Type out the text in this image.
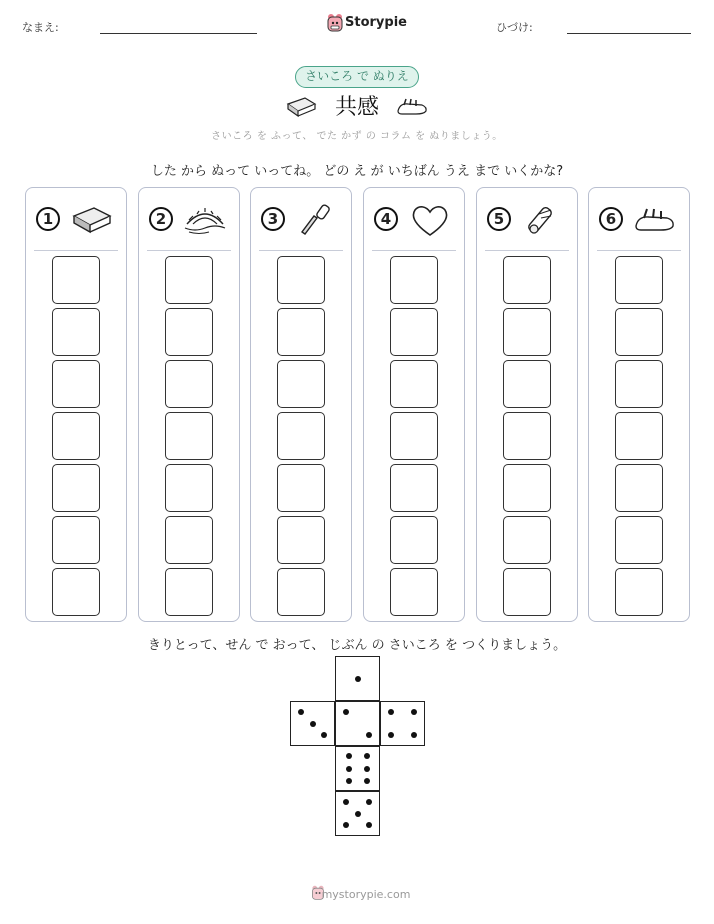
なまえ:	Storypie	ひづけ:
さいころ で ぬりえ
共感
さいころ を ふって、 でた かず の コラム を ぬりましょう。
した から ぬって いってね。 どの え が いちばん うえ まで いくかな?
1	2	3	4	5	6
きりとって、せん で おって、 じぶん の さいころ を つくりましょう。
mystorypie.com
